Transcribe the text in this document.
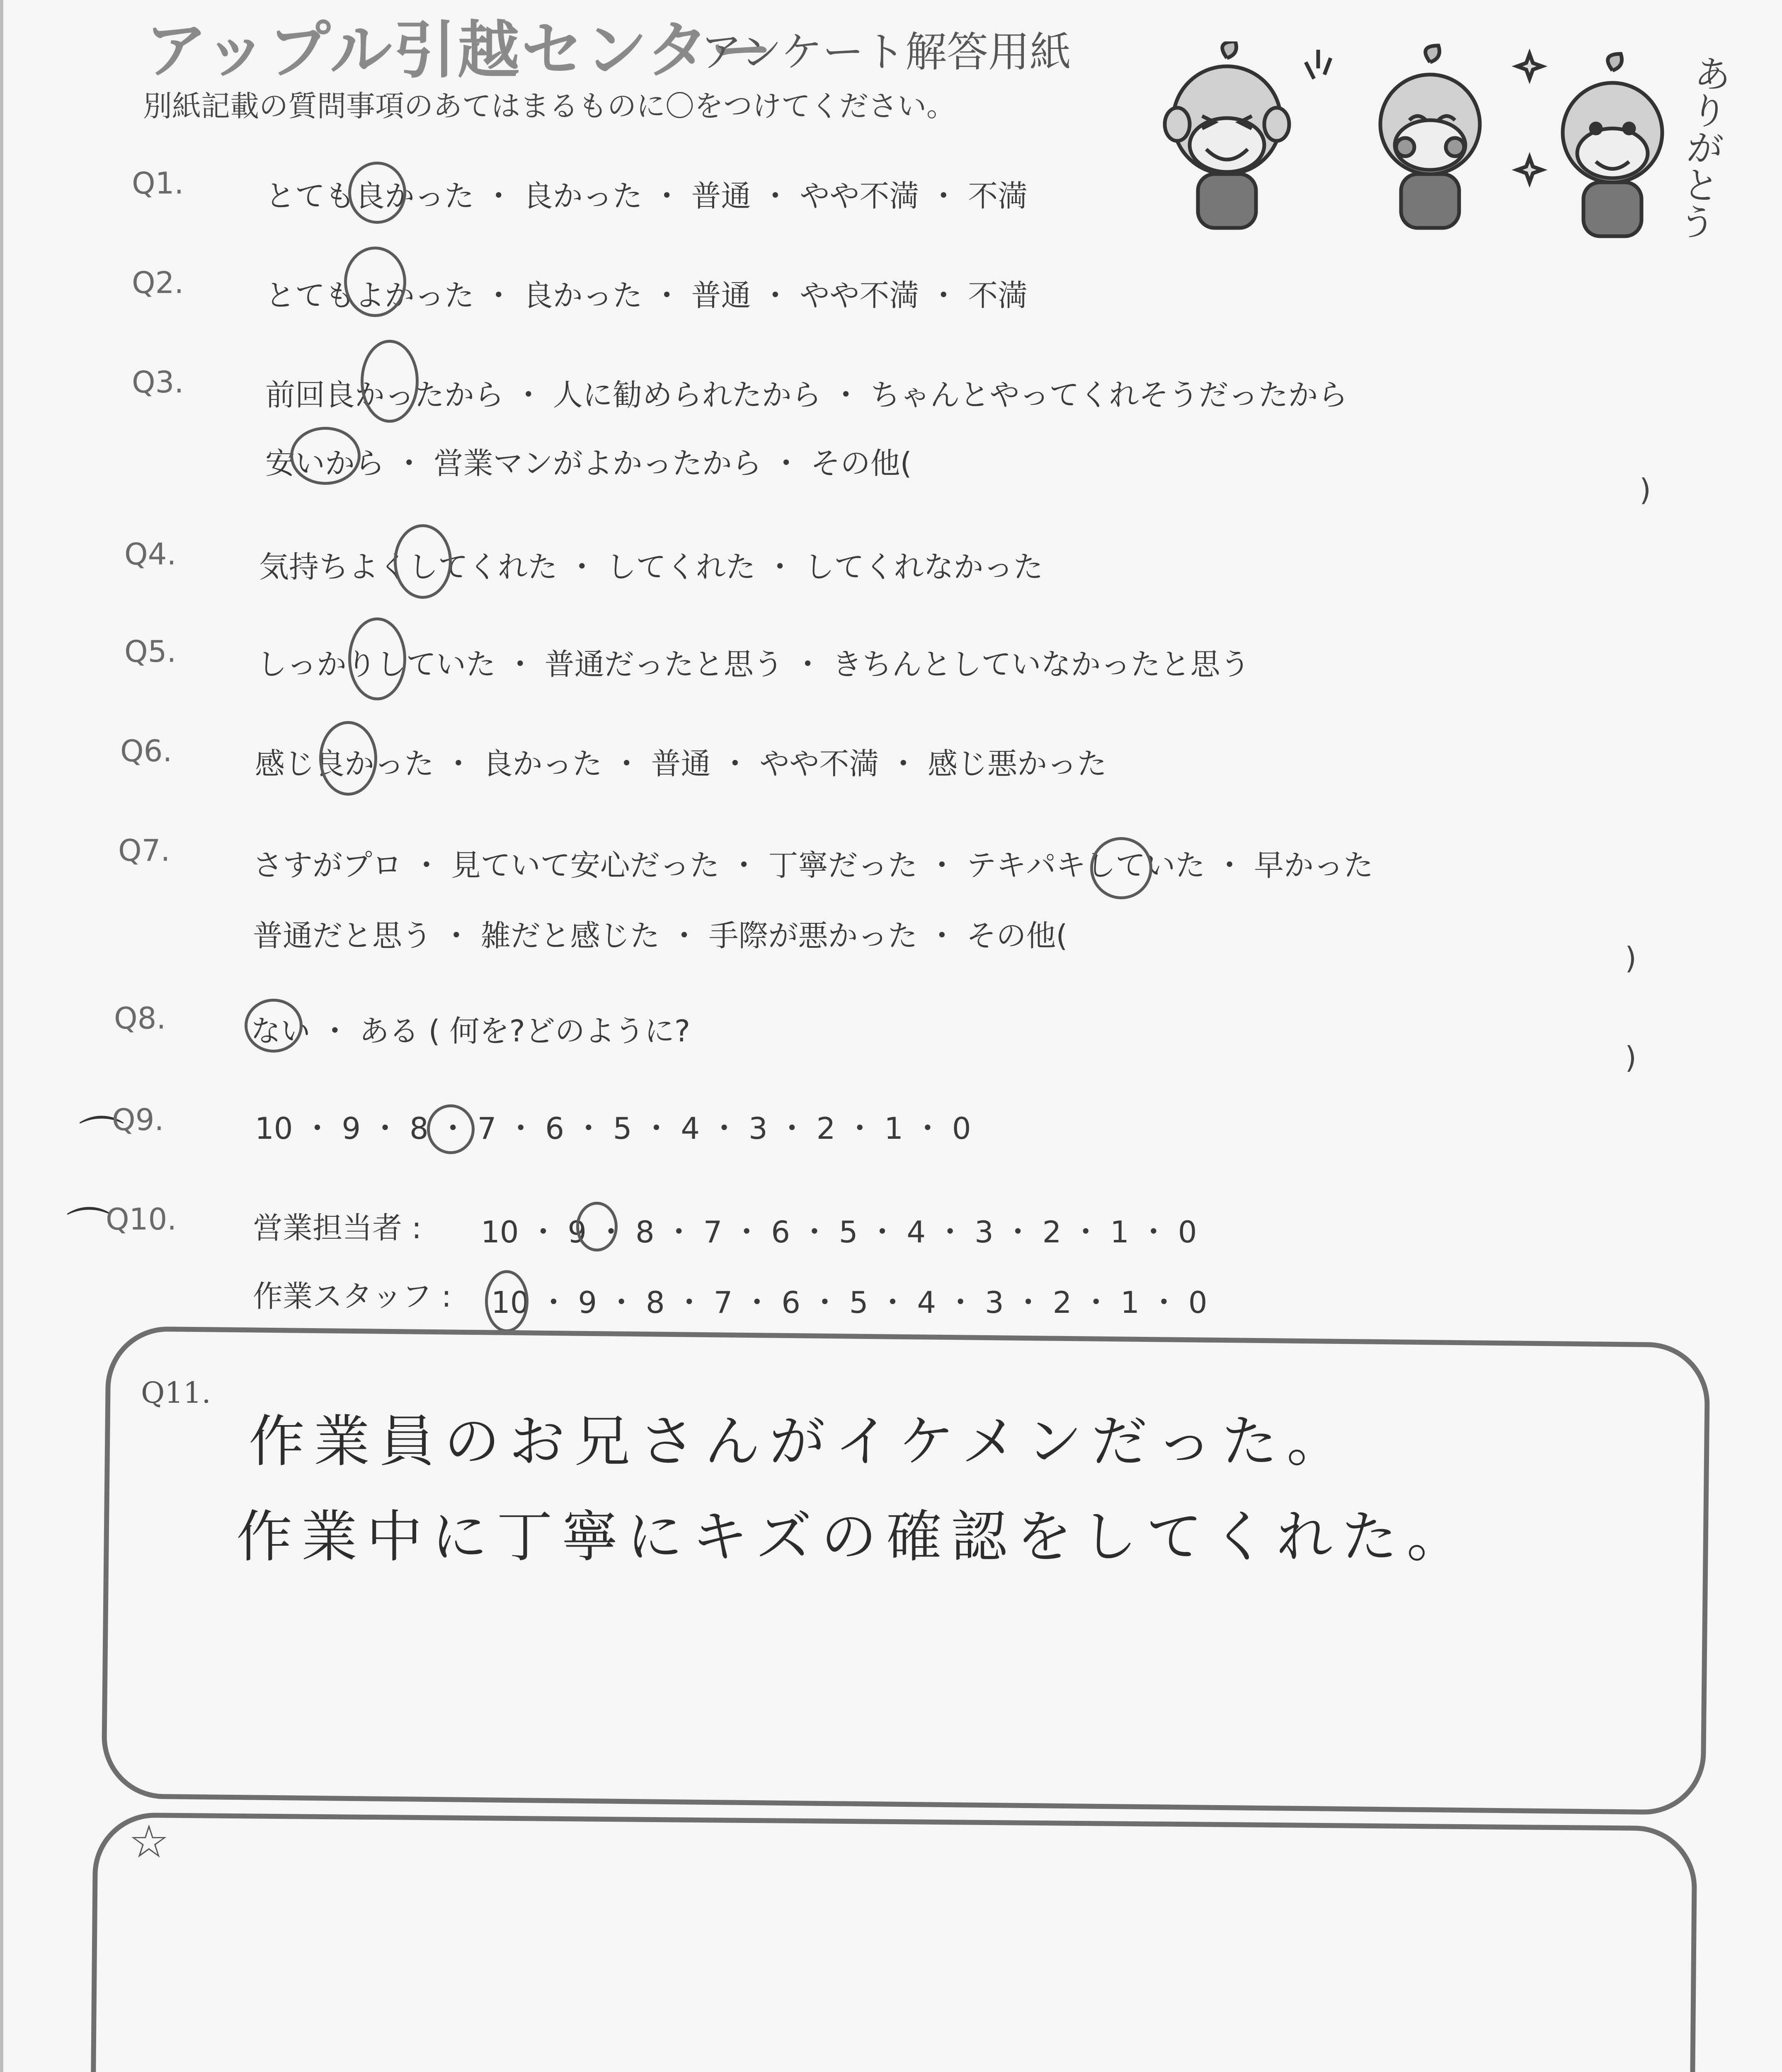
アップル引越センター
アンケート解答用紙
別紙記載の質問事項のあてはまるものに〇をつけてください。	ありがとう
Q1.	とても良かった ・ 良かった ・ 普通 ・ やや不満 ・ 不満
Q2.	とてもよかった ・ 良かった ・ 普通 ・ やや不満 ・ 不満
Q3.	前回良かったから ・ 人に勧められたから ・ ちゃんとやってくれそうだったから
安いから ・ 営業マンがよかったから ・ その他(
)
Q4.	気持ちよくしてくれた ・ してくれた ・ してくれなかった
Q5.	しっかりしていた ・ 普通だったと思う ・ きちんとしていなかったと思う
Q6.	感じ良かった ・ 良かった ・ 普通 ・ やや不満 ・ 感じ悪かった
Q7.	さすがプロ ・ 見ていて安心だった ・ 丁寧だった ・ テキパキしていた ・ 早かった
普通だと思う ・ 雑だと感じた ・ 手際が悪かった ・ その他(
)
Q8.	ない ・ ある ( 何を?どのように?
)
⌒
Q9.	10 ・ 9 ・ 8 ・ 7 ・ 6 ・ 5 ・ 4 ・ 3 ・ 2 ・ 1 ・ 0
⌒
Q10.	営業担当者 : 10 ・ 9 ・ 8 ・ 7 ・ 6 ・ 5 ・ 4 ・ 3 ・ 2 ・ 1 ・ 0
作業スタッフ : 10 ・ 9 ・ 8 ・ 7 ・ 6 ・ 5 ・ 4 ・ 3 ・ 2 ・ 1 ・ 0
Q11.
作業員のお兄さんがイケメンだった。
作業中に丁寧にキズの確認をしてくれた。
☆
